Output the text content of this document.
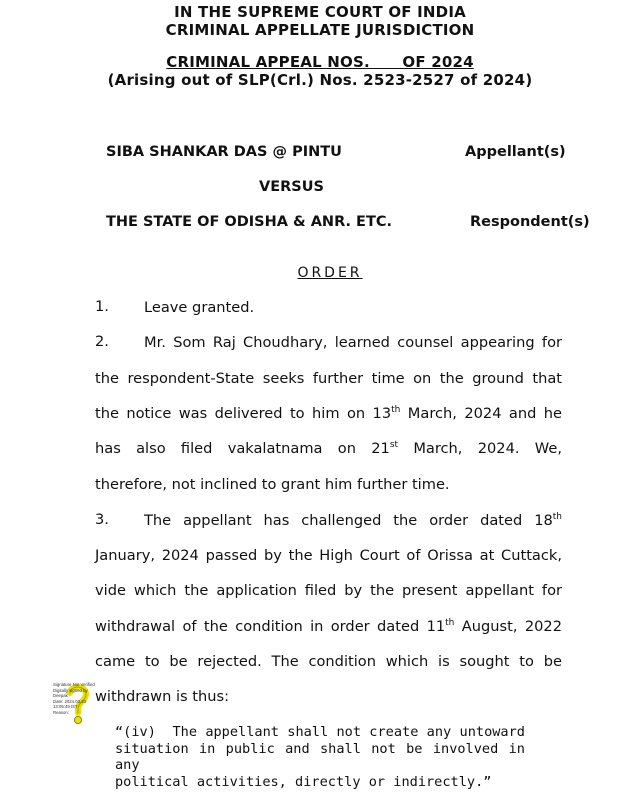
IN THE SUPREME COURT OF INDIA
CRIMINAL APPELLATE JURISDICTION
CRIMINAL APPEAL NOS.      OF 2024
(Arising out of SLP(Crl.) Nos. 2523-2527 of 2024)
SIBA SHANKAR DAS @ PINTU	Appellant(s)
VERSUS
THE STATE OF ODISHA & ANR. ETC.	Respondent(s)
ORDER
1. Leave granted.
2. Mr. Som Raj Choudhary, learned counsel appearing for
the respondent-State seeks further time on the ground that
the notice was delivered to him on 13th March, 2024 and he
has also filed vakalatnama on 21st March, 2024. We,
therefore, not inclined to grant him further time.
3. The appellant has challenged the order dated 18th
January, 2024 passed by the High Court of Orissa at Cuttack,
vide which the application filed by the present appellant for
withdrawal of the condition in order dated 11th August, 2022
came to be rejected. The condition which is sought to be
withdrawn is thus:
“(iv)  The appellant shall not create any untoward
situation in public and shall not be involved in any
political activities, directly or indirectly.”
Signature Not Verified
Digitally signed by
Deepak
Date: 2024.03.23
13:05:49 IST
Reason:
